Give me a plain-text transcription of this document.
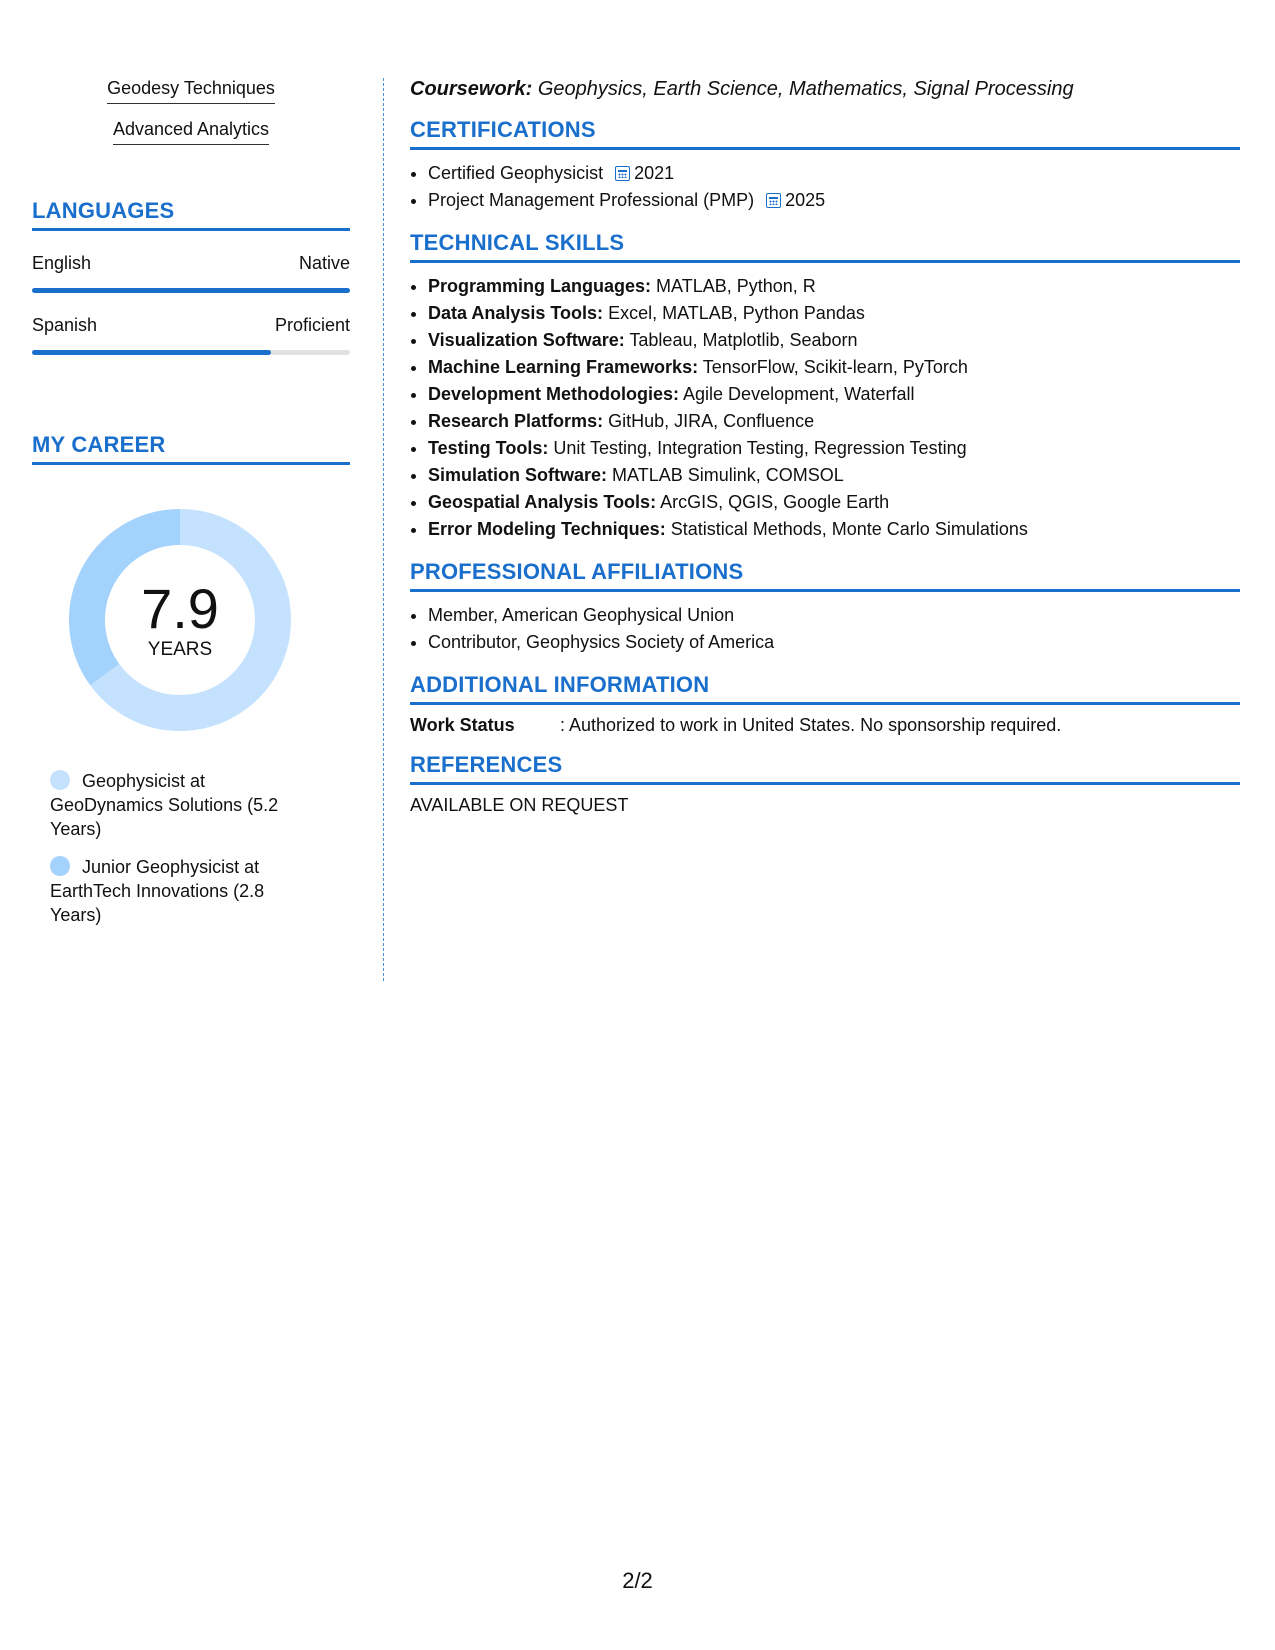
Geodesy Techniques
Advanced Analytics
LANGUAGES
English	Native
Spanish	Proficient
MY CAREER
7.9
YEARS
Geophysicist at GeoDynamics Solutions (5.2 Years)
Junior Geophysicist at EarthTech Innovations (2.8 Years)
Coursework: Geophysics, Earth Science, Mathematics, Signal Processing
CERTIFICATIONS
• Certified Geophysicist 2021
• Project Management Professional (PMP) 2025
TECHNICAL SKILLS
• Programming Languages: MATLAB, Python, R
• Data Analysis Tools: Excel, MATLAB, Python Pandas
• Visualization Software: Tableau, Matplotlib, Seaborn
• Machine Learning Frameworks: TensorFlow, Scikit-learn, PyTorch
• Development Methodologies: Agile Development, Waterfall
• Research Platforms: GitHub, JIRA, Confluence
• Testing Tools: Unit Testing, Integration Testing, Regression Testing
• Simulation Software: MATLAB Simulink, COMSOL
• Geospatial Analysis Tools: ArcGIS, QGIS, Google Earth
• Error Modeling Techniques: Statistical Methods, Monte Carlo Simulations
PROFESSIONAL AFFILIATIONS
• Member, American Geophysical Union
• Contributor, Geophysics Society of America
ADDITIONAL INFORMATION
Work Status	: Authorized to work in United States. No sponsorship required.
REFERENCES
AVAILABLE ON REQUEST
2/2
